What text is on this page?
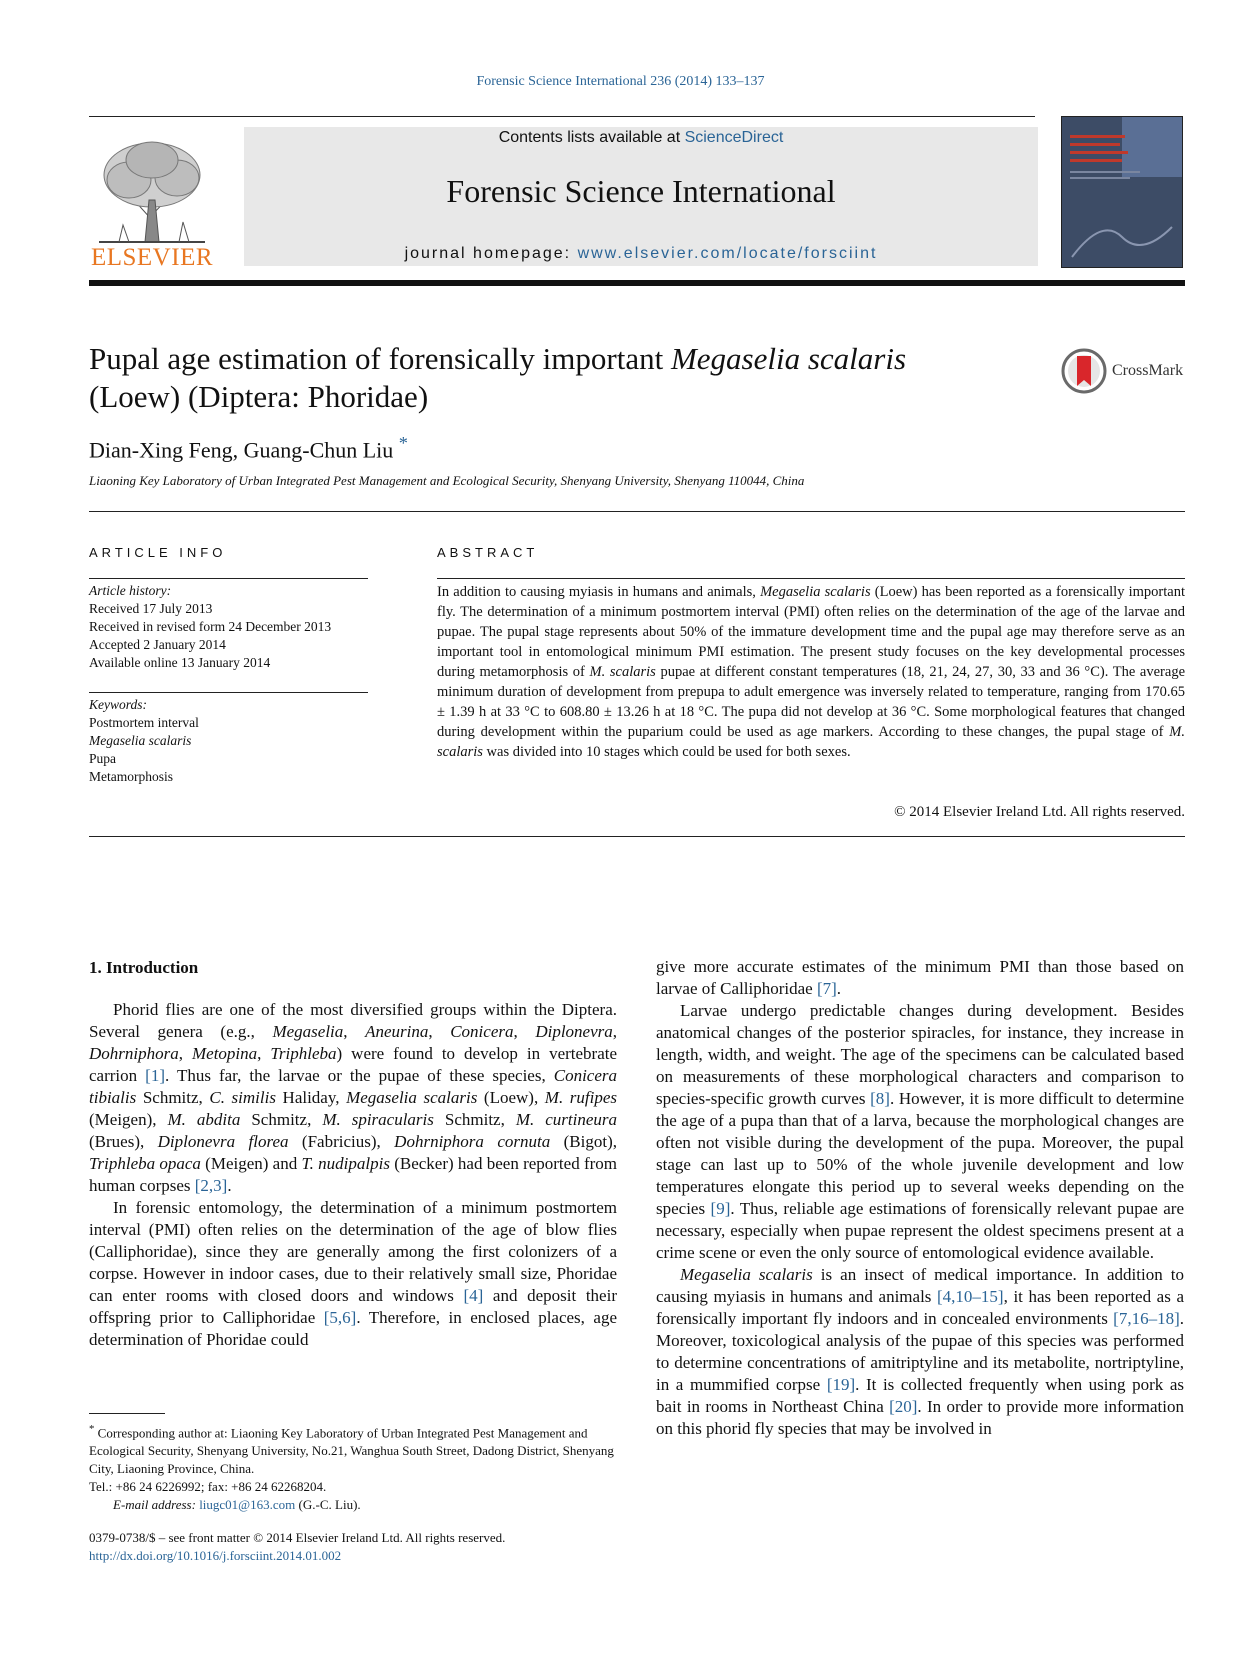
Forensic Science International 236 (2014) 133–137
ELSEVIER
Contents lists available at ScienceDirect
Forensic Science International
journal homepage: www.elsevier.com/locate/forsciint
Pupal age estimation of forensically important Megaselia scalaris
(Loew) (Diptera: Phoridae)
CrossMark
Dian-Xing Feng, Guang-Chun Liu *
Liaoning Key Laboratory of Urban Integrated Pest Management and Ecological Security, Shenyang University, Shenyang 110044, China
ARTICLE INFO
Article history:
Received 17 July 2013
Received in revised form 24 December 2013
Accepted 2 January 2014
Available online 13 January 2014
Keywords:
Postmortem interval
Megaselia scalaris
Pupa
Metamorphosis
ABSTRACT
In addition to causing myiasis in humans and animals, Megaselia scalaris (Loew) has been reported as a forensically important fly. The determination of a minimum postmortem interval (PMI) often relies on the determination of the age of the larvae and pupae. The pupal stage represents about 50% of the immature development time and the pupal age may therefore serve as an important tool in entomological minimum PMI estimation. The present study focuses on the key developmental processes during metamorphosis of M. scalaris pupae at different constant temperatures (18, 21, 24, 27, 30, 33 and 36 °C). The average minimum duration of development from prepupa to adult emergence was inversely related to temperature, ranging from 170.65 ± 1.39 h at 33 °C to 608.80 ± 13.26 h at 18 °C. The pupa did not develop at 36 °C. Some morphological features that changed during development within the puparium could be used as age markers. According to these changes, the pupal stage of M. scalaris was divided into 10 stages which could be used for both sexes.
© 2014 Elsevier Ireland Ltd. All rights reserved.
1. Introduction

Phorid flies are one of the most diversified groups within the Diptera. Several genera (e.g., Megaselia, Aneurina, Conicera, Diplonevra, Dohrniphora, Metopina, Triphleba) were found to develop in vertebrate carrion [1]. Thus far, the larvae or the pupae of these species, Conicera tibialis Schmitz, C. similis Haliday, Megaselia scalaris (Loew), M. rufipes (Meigen), M. abdita Schmitz, M. spiracularis Schmitz, M. curtineura (Brues), Diplonevra florea (Fabricius), Dohrniphora cornuta (Bigot), Triphleba opaca (Meigen) and T. nudipalpis (Becker) had been reported from human corpses [2,3].

In forensic entomology, the determination of a minimum postmortem interval (PMI) often relies on the determination of the age of blow flies (Calliphoridae), since they are generally among the first colonizers of a corpse. However in indoor cases, due to their relatively small size, Phoridae can enter rooms with closed doors and windows [4] and deposit their offspring prior to Calliphoridae [5,6]. Therefore, in enclosed places, age determination of Phoridae could

give more accurate estimates of the minimum PMI than those based on larvae of Calliphoridae [7].

Larvae undergo predictable changes during development. Besides anatomical changes of the posterior spiracles, for instance, they increase in length, width, and weight. The age of the specimens can be calculated based on measurements of these morphological characters and comparison to species-specific growth curves [8]. However, it is more difficult to determine the age of a pupa than that of a larva, because the morphological changes are often not visible during the development of the pupa. Moreover, the pupal stage can last up to 50% of the whole juvenile development and low temperatures elongate this period up to several weeks depending on the species [9]. Thus, reliable age estimations of forensically relevant pupae are necessary, especially when pupae represent the oldest specimens present at a crime scene or even the only source of entomological evidence available.

Megaselia scalaris is an insect of medical importance. In addition to causing myiasis in humans and animals [4,10–15], it has been reported as a forensically important fly indoors and in concealed environments [7,16–18]. Moreover, toxicological analysis of the pupae of this species was performed to determine concentrations of amitriptyline and its metabolite, nortriptyline, in a mummified corpse [19]. It is collected frequently when using pork as bait in rooms in Northeast China [20]. In order to provide more information on this phorid fly species that may be involved in

* Corresponding author at: Liaoning Key Laboratory of Urban Integrated Pest Management and Ecological Security, Shenyang University, No.21, Wanghua South Street, Dadong District, Shenyang City, Liaoning Province, China.
Tel.: +86 24 6226992; fax: +86 24 62268204.
E-mail address: liugc01@163.com (G.-C. Liu).
0379-0738/$ – see front matter © 2014 Elsevier Ireland Ltd. All rights reserved.
http://dx.doi.org/10.1016/j.forsciint.2014.01.002
